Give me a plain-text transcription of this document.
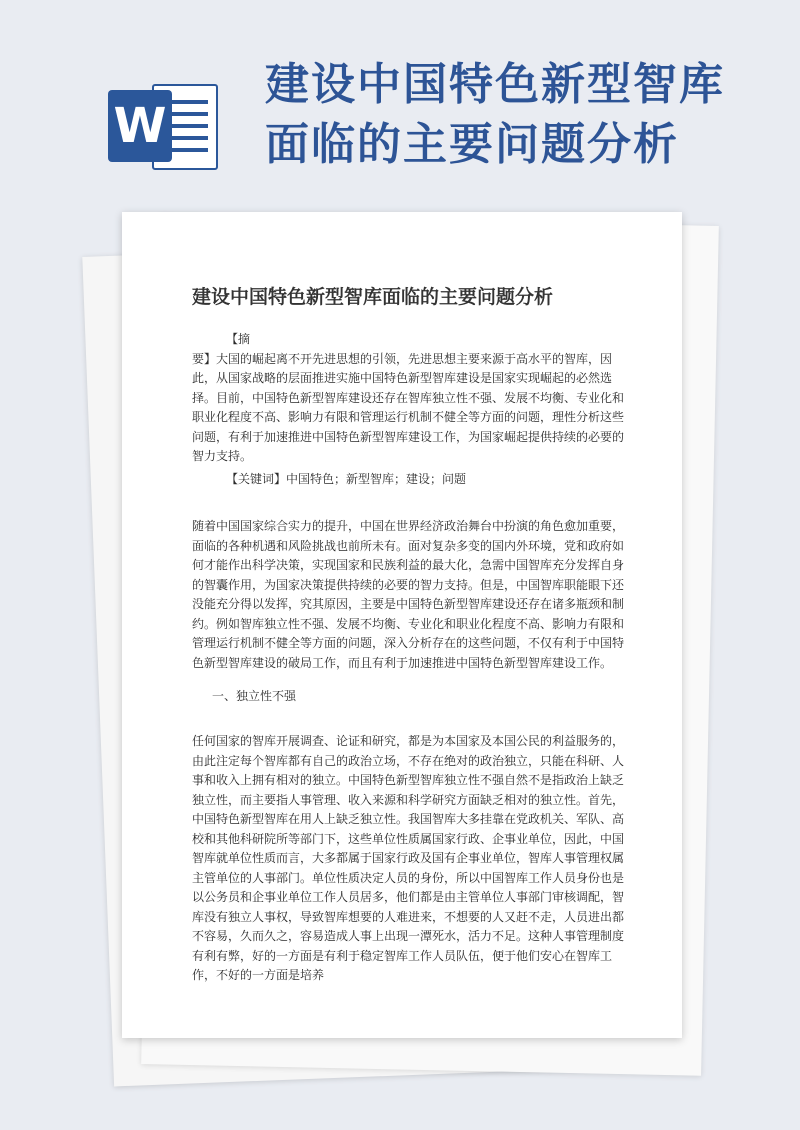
W
建设中国特色新型智库
面临的主要问题分析
建设中国特色新型智库面临的主要问题分析
【摘
要】大国的崛起离不开先进思想的引领，先进思想主要来源于高水平的智库，因此，从国家战略的层面推进实施中国特色新型智库建设是国家实现崛起的必然选择。目前，中国特色新型智库建设还存在智库独立性不强、发展不均衡、专业化和职业化程度不高、影响力有限和管理运行机制不健全等方面的问题，理性分析这些问题，有利于加速推进中国特色新型智库建设工作，为国家崛起提供持续的必要的智力支持。
【关键词】中国特色；新型智库；建设；问题

随着中国国家综合实力的提升，中国在世界经济政治舞台中扮演的角色愈加重要，面临的各种机遇和风险挑战也前所未有。面对复杂多变的国内外环境，党和政府如何才能作出科学决策，实现国家和民族利益的最大化，急需中国智库充分发挥自身的智囊作用，为国家决策提供持续的必要的智力支持。但是，中国智库职能眼下还没能充分得以发挥，究其原因，主要是中国特色新型智库建设还存在诸多瓶颈和制约。例如智库独立性不强、发展不均衡、专业化和职业化程度不高、影响力有限和管理运行机制不健全等方面的问题，深入分析存在的这些问题，不仅有利于中国特色新型智库建设的破局工作，而且有利于加速推进中国特色新型智库建设工作。

一、独立性不强

任何国家的智库开展调查、论证和研究，都是为本国家及本国公民的利益服务的，由此注定每个智库都有自己的政治立场，不存在绝对的政治独立，只能在科研、人事和收入上拥有相对的独立。中国特色新型智库独立性不强自然不是指政治上缺乏独立性，而主要指人事管理、收入来源和科学研究方面缺乏相对的独立性。首先，中国特色新型智库在用人上缺乏独立性。我国智库大多挂靠在党政机关、军队、高校和其他科研院所等部门下，这些单位性质属国家行政、企事业单位，因此，中国智库就单位性质而言，大多都属于国家行政及国有企事业单位，智库人事管理权属主管单位的人事部门。单位性质决定人员的身份，所以中国智库工作人员身份也是以公务员和企事业单位工作人员居多，他们都是由主管单位人事部门审核调配，智库没有独立人事权，导致智库想要的人难进来，不想要的人又赶不走，人员进出都不容易，久而久之，容易造成人事上出现一潭死水，活力不足。这种人事管理制度有利有弊，好的一方面是有利于稳定智库工作人员队伍，便于他们安心在智库工作，不好的一方面是培养
